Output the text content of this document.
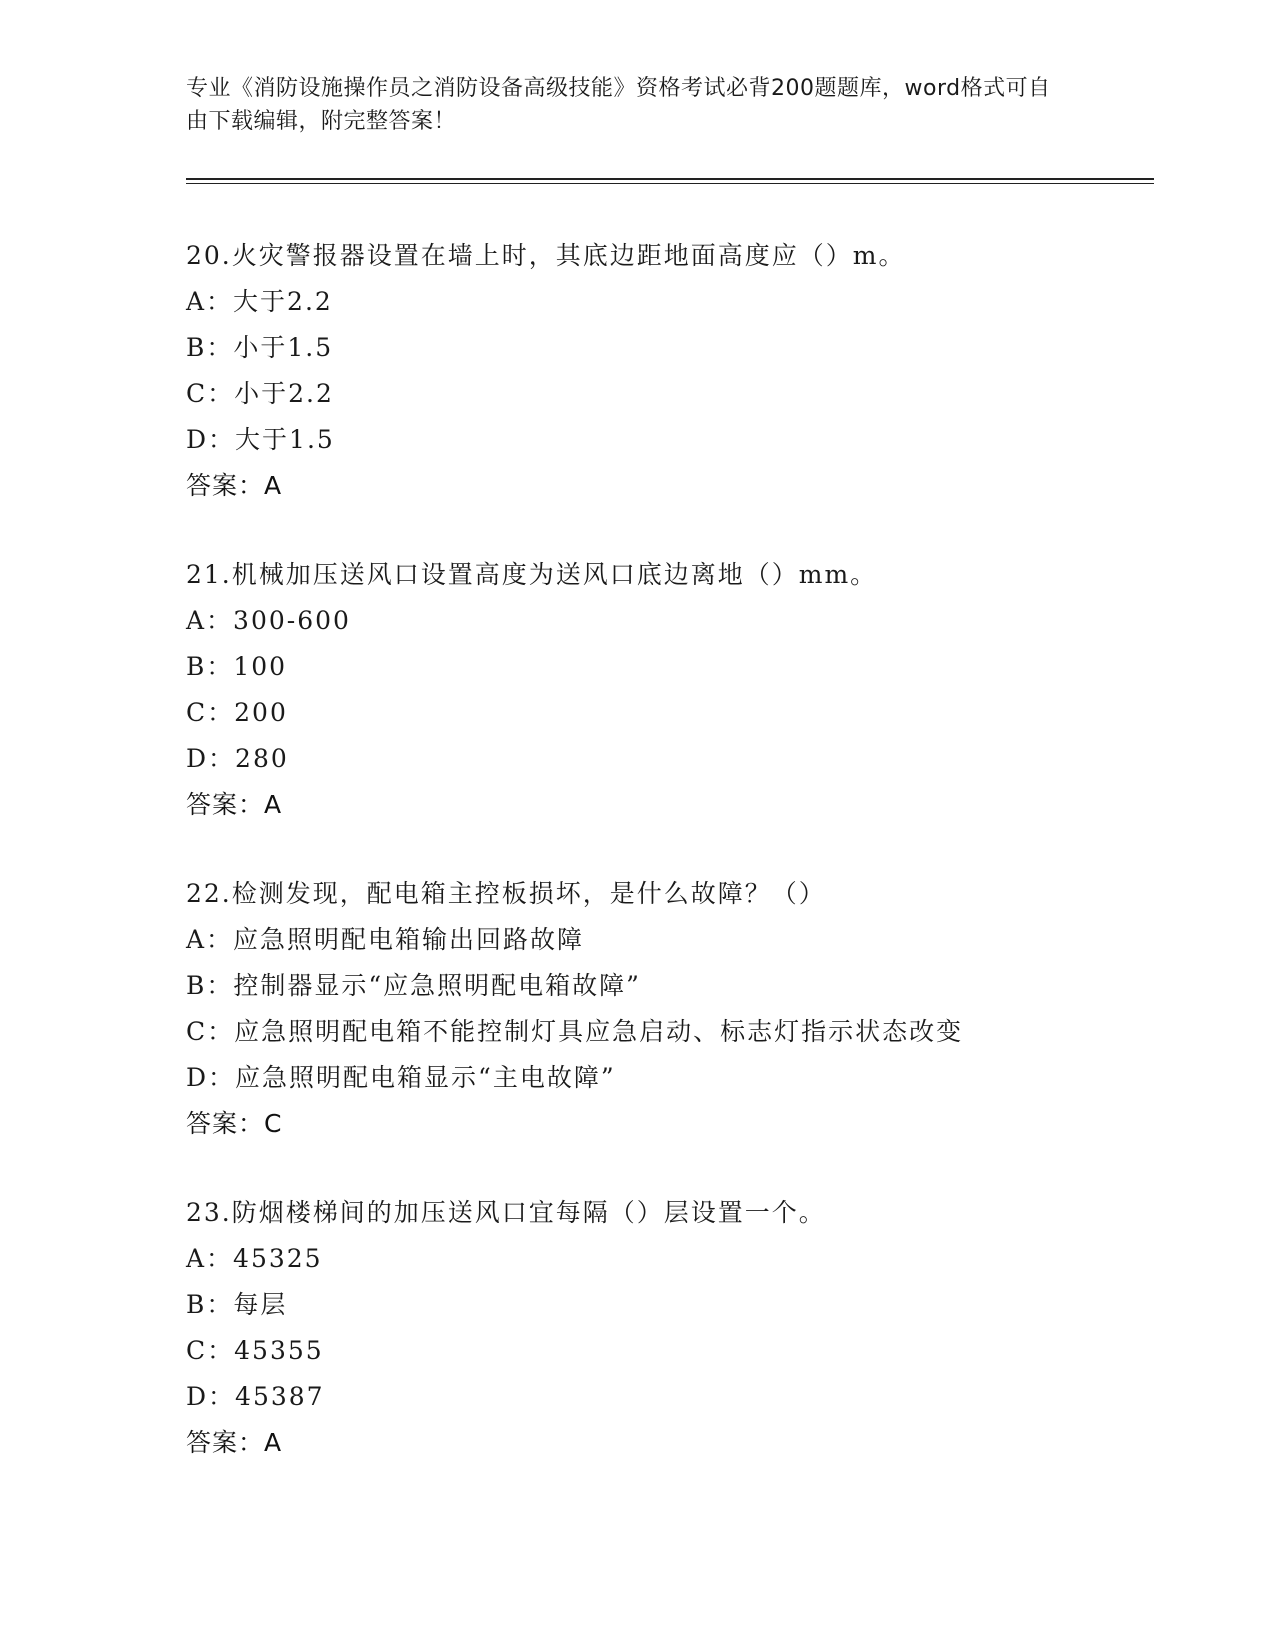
专业《消防设施操作员之消防设备高级技能》资格考试必背200题题库，word格式可自由下载编辑，附完整答案！
20.火灾警报器设置在墙上时，其底边距地面高度应（）m。
A：大于2.2
B：小于1.5
C：小于2.2
D：大于1.5
答案：A
21.机械加压送风口设置高度为送风口底边离地（）mm。
A：300-600
B：100
C：200
D：280
答案：A
22.检测发现，配电箱主控板损坏，是什么故障？（）
A：应急照明配电箱输出回路故障
B：控制器显示“应急照明配电箱故障”
C：应急照明配电箱不能控制灯具应急启动、标志灯指示状态改变
D：应急照明配电箱显示“主电故障”
答案：C
23.防烟楼梯间的加压送风口宜每隔（）层设置一个。
A：45325
B：每层
C：45355
D：45387
答案：A
